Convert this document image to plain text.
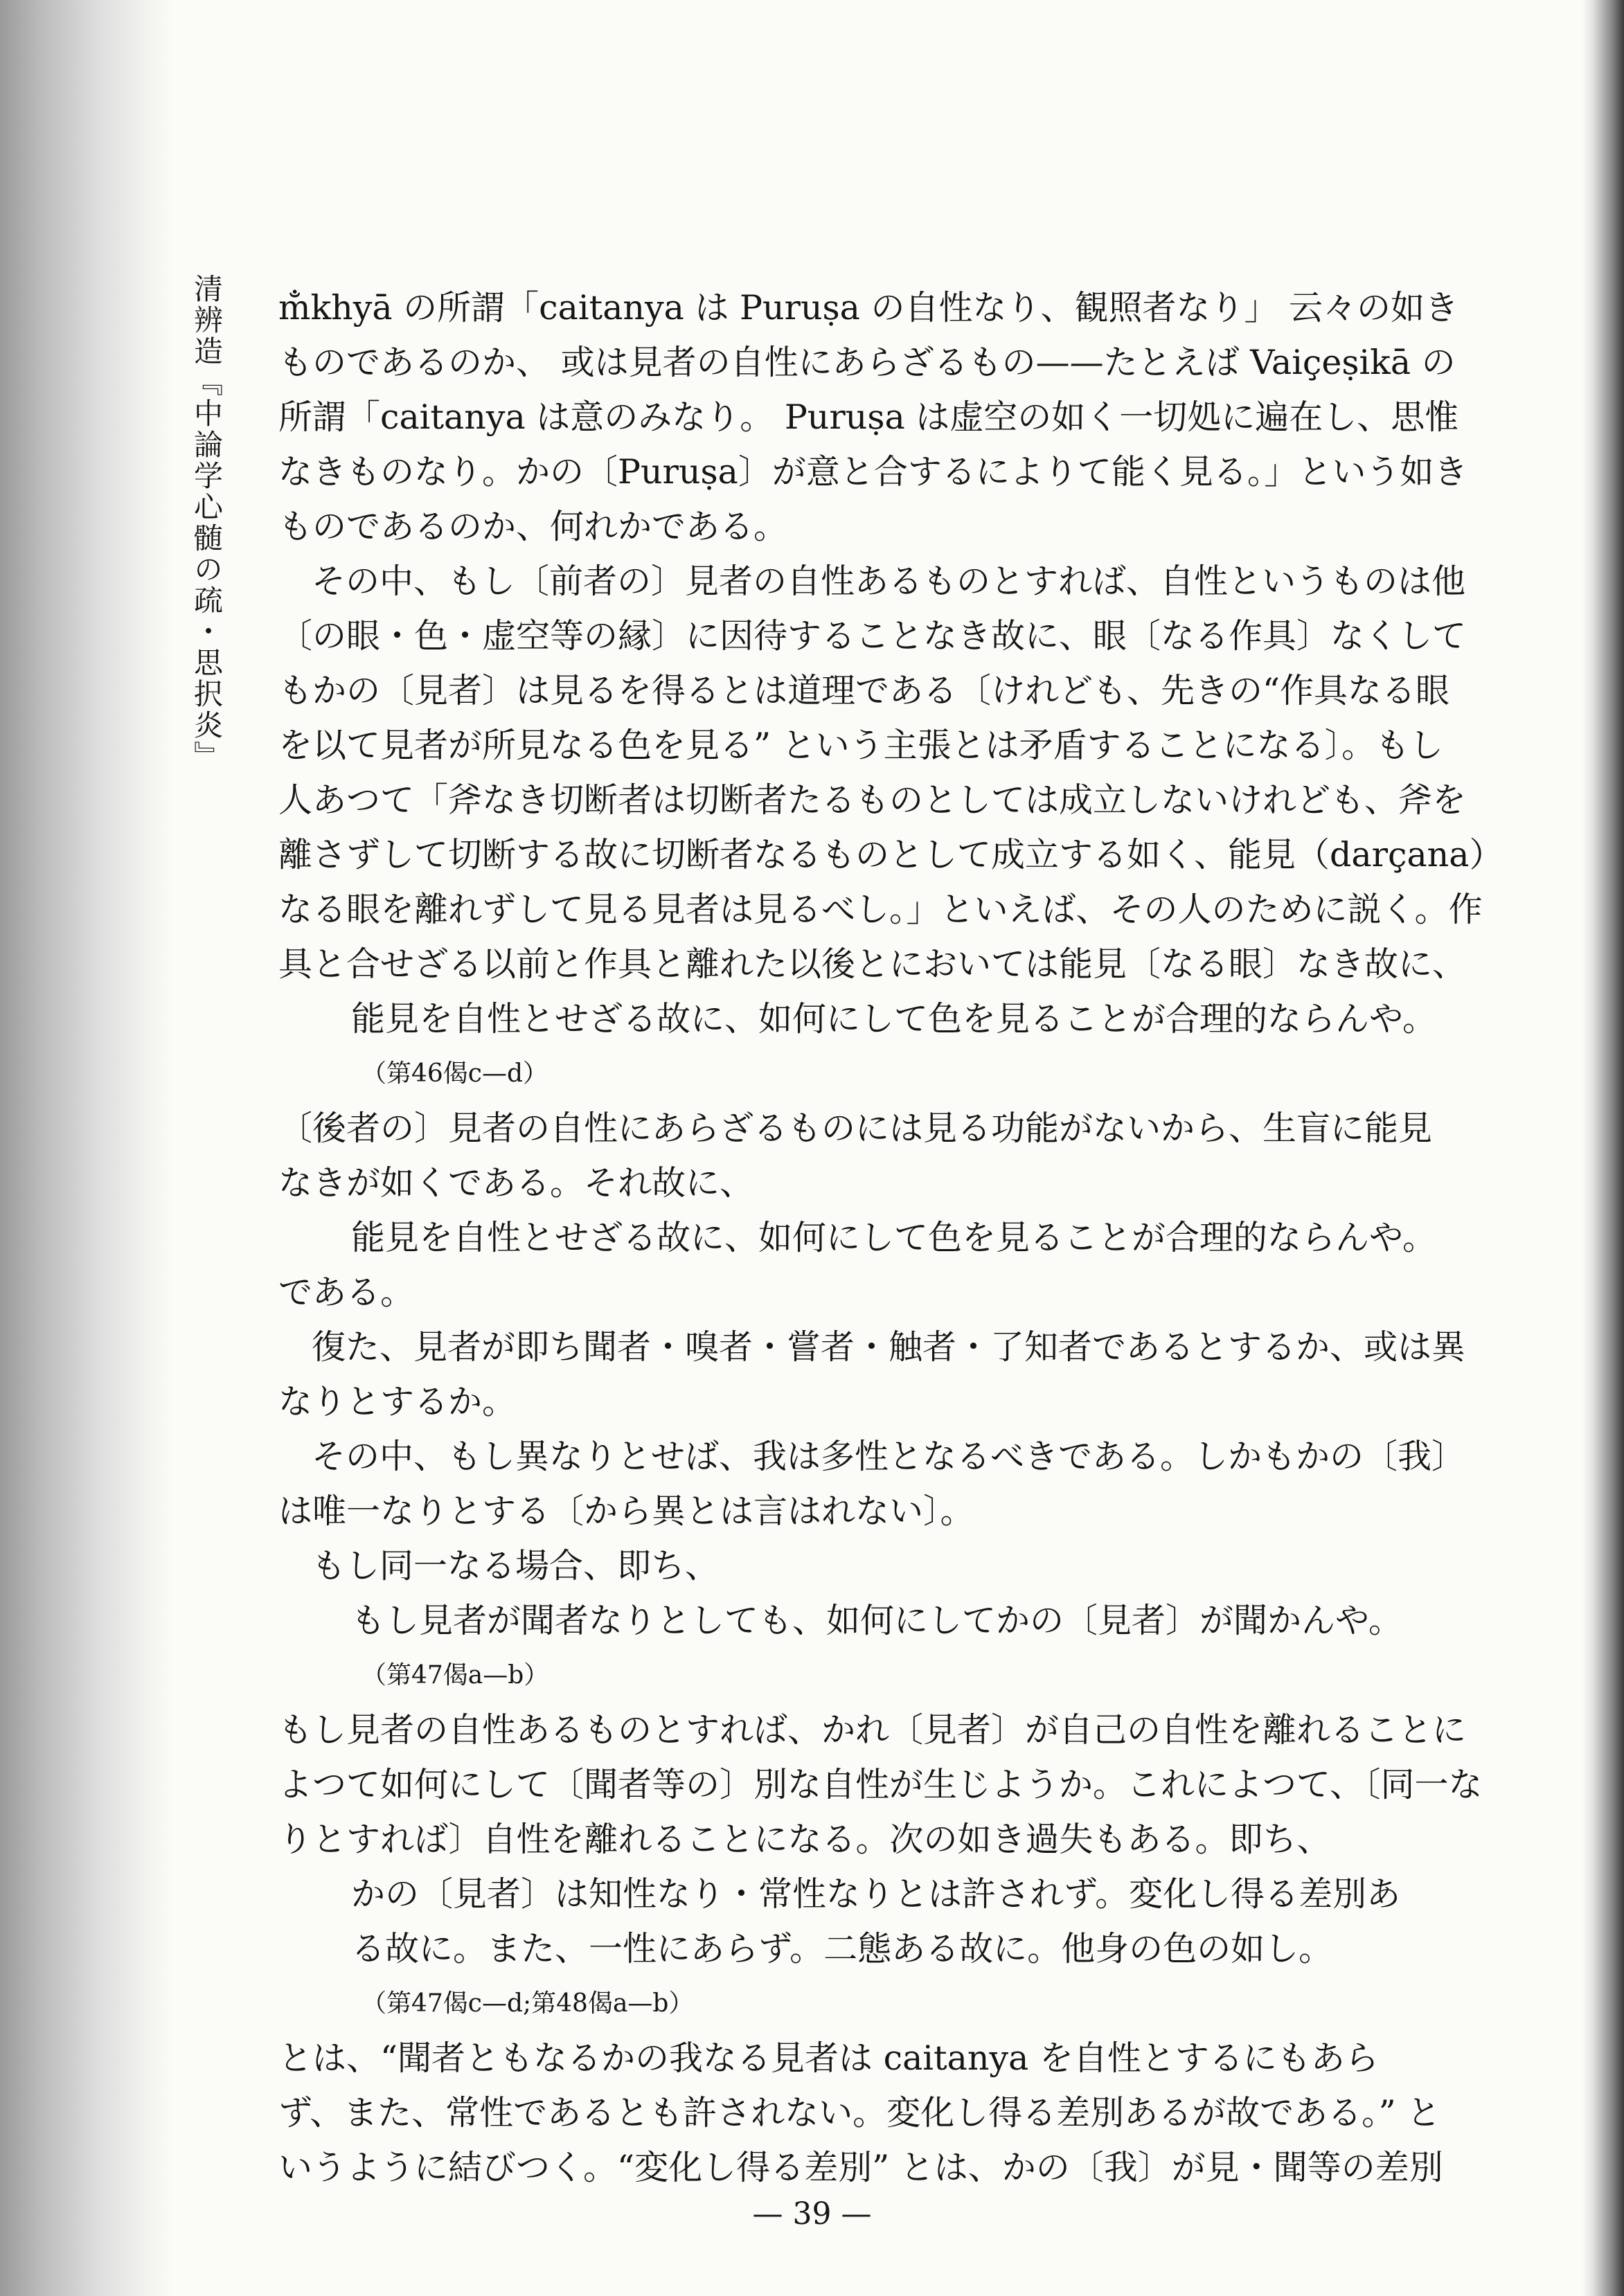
清辨造『中論学心髄の疏・思択炎』 m̐khyā の所謂「caitanya は Puruṣa の自性なり、観照者なり」 云々の如き
ものであるのか、 或は見者の自性にあらざるもの——たとえば Vaiçeṣikā の
所謂「caitanya は意のみなり。 Puruṣa は虚空の如く一切処に遍在し、思惟
なきものなり。かの〔Puruṣa〕が意と合するによりて能く見る。」という如き
ものであるのか、何れかである。
その中、もし〔前者の〕見者の自性あるものとすれば、自性というものは他
〔の眼・色・虚空等の縁〕に因待することなき故に、眼〔なる作具〕なくして
もかの〔見者〕は見るを得るとは道理である〔けれども、先きの“作具なる眼
を以て見者が所見なる色を見る” という主張とは矛盾することになる〕。もし
人あつて「斧なき切断者は切断者たるものとしては成立しないけれども、斧を
離さずして切断する故に切断者なるものとして成立する如く、能見（darçana）
なる眼を離れずして見る見者は見るべし。」といえば、その人のために説く。作
具と合せざる以前と作具と離れた以後とにおいては能見〔なる眼〕なき故に、
能見を自性とせざる故に、如何にして色を見ることが合理的ならんや。
（第46偈c—d）
〔後者の〕見者の自性にあらざるものには見る功能がないから、生盲に能見
なきが如くである。それ故に、
能見を自性とせざる故に、如何にして色を見ることが合理的ならんや。
である。
復た、見者が即ち聞者・嗅者・嘗者・触者・了知者であるとするか、或は異
なりとするか。
その中、もし異なりとせば、我は多性となるべきである。しかもかの〔我〕
は唯一なりとする〔から異とは言はれない〕。
もし同一なる場合、即ち、
もし見者が聞者なりとしても、如何にしてかの〔見者〕が聞かんや。
（第47偈a—b）
もし見者の自性あるものとすれば、かれ〔見者〕が自己の自性を離れることに
よつて如何にして〔聞者等の〕別な自性が生じようか。これによつて、〔同一な
りとすれば〕自性を離れることになる。次の如き過失もある。即ち、
かの〔見者〕は知性なり・常性なりとは許されず。変化し得る差別あ
る故に。また、一性にあらず。二態ある故に。他身の色の如し。
（第47偈c—d;第48偈a—b）
とは、“聞者ともなるかの我なる見者は caitanya を自性とするにもあら
ず、また、常性であるとも許されない。変化し得る差別あるが故である。” と
いうように結びつく。“変化し得る差別” とは、かの〔我〕が見・聞等の差別
— 39 —
